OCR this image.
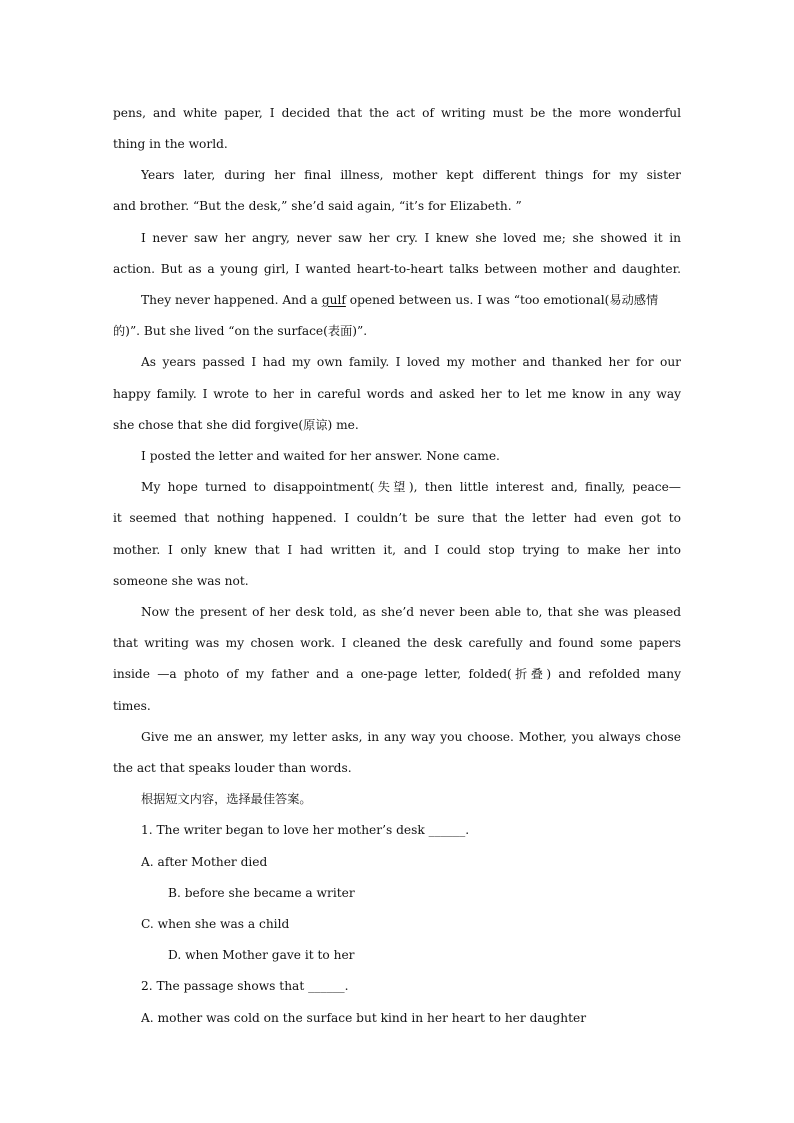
pens, and white paper, I decided that the act of writing must be the more wonderful
thing in the world.
Years later, during her final illness, mother kept different things for my sister
and brother. “But the desk,” she’d said again, “it’s for Elizabeth. ”
I never saw her angry, never saw her cry. I knew she loved me; she showed it in
action. But as a young girl, I wanted heart-to-heart talks between mother and daughter.
They never happened. And a gulf opened between us. I was “too emotional(易动感情
的)”. But she lived “on the surface(表面)”.
As years passed I had my own family. I loved my mother and thanked her for our
happy family. I wrote to her in careful words and asked her to let me know in any way
she chose that she did forgive(原谅) me.
I posted the letter and waited for her answer. None came.
My hope turned to disappointment(失望), then little interest and, finally, peace—
it seemed that nothing happened. I couldn’t be sure that the letter had even got to
mother. I only knew that I had written it, and I could stop trying to make her into
someone she was not.
Now the present of her desk told, as she’d never been able to, that she was pleased
that writing was my chosen work. I cleaned the desk carefully and found some papers
inside —a photo of my father and a one-page letter, folded(折叠) and refolded many
times.
Give me an answer, my letter asks, in any way you choose. Mother, you always chose
the act that speaks louder than words.
根据短文内容，选择最佳答案。
1. The writer began to love her mother’s desk ______.
A. after Mother died
B. before she became a writer
C. when she was a child
D. when Mother gave it to her
2. The passage shows that ______.
A. mother was cold on the surface but kind in her heart to her daughter
